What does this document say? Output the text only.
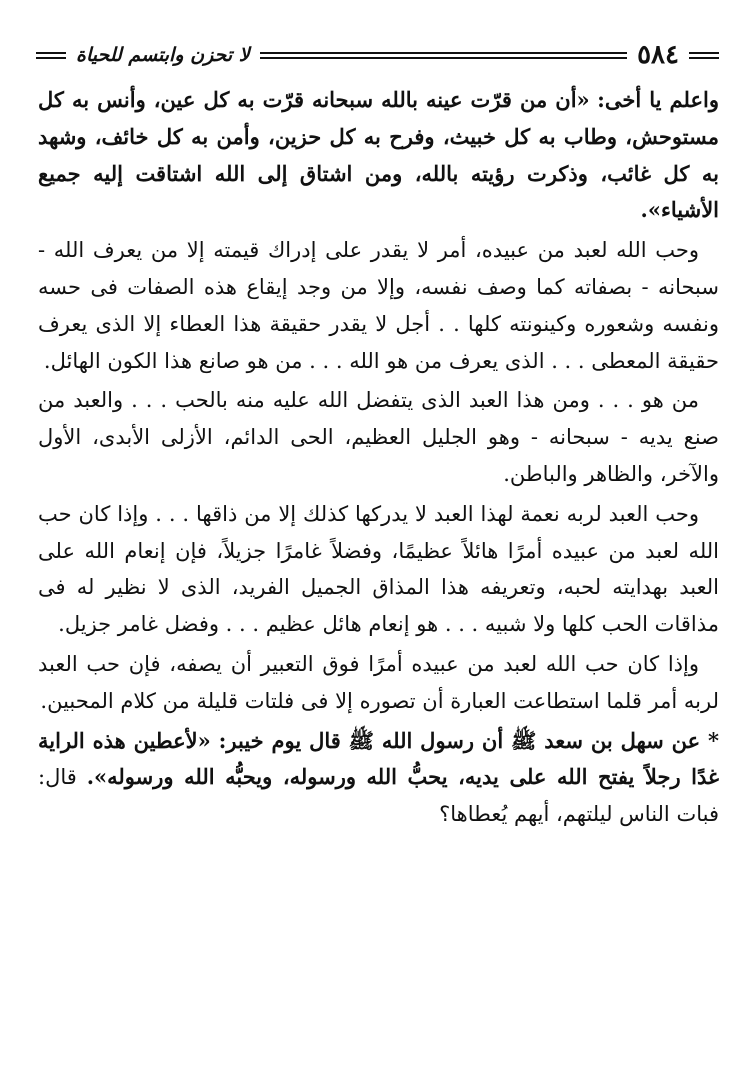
٥٨٤
لا تحزن وابتسم للحياة

واعلم يا أخى: «أن من قرّت عينه بالله سبحانه قرّت به كل عين، وأنس به كل مستوحش، وطاب به كل خبيث، وفرح به كل حزين، وأمن به كل خائف، وشهد به كل غائب، وذكرت رؤيته بالله، ومن اشتاق إلى الله اشتاقت إليه جميع الأشياء».

وحب الله لعبد من عبيده، أمر لا يقدر على إدراك قيمته إلا من يعرف الله - سبحانه - بصفاته كما وصف نفسه، وإلا من وجد إيقاع هذه الصفات فى حسه ونفسه وشعوره وكينونته كلها . . أجل لا يقدر حقيقة هذا العطاء إلا الذى يعرف حقيقة المعطى . . . الذى يعرف من هو الله . . . من هو صانع هذا الكون الهائل.

من هو . . . ومن هذا العبد الذى يتفضل الله عليه منه بالحب . . . والعبد من صنع يديه - سبحانه - وهو الجليل العظيم، الحى الدائم، الأزلى الأبدى، الأول والآخر، والظاهر والباطن.

وحب العبد لربه نعمة لهذا العبد لا يدركها كذلك إلا من ذاقها . . . وإذا كان حب الله لعبد من عبيده أمرًا هائلاً عظيمًا، وفضلاً غامرًا جزيلاً، فإن إنعام الله على العبد بهدايته لحبه، وتعريفه هذا المذاق الجميل الفريد، الذى لا نظير له فى مذاقات الحب كلها ولا شبيه . . . هو إنعام هائل عظيم . . . وفضل غامر جزيل.

وإذا كان حب الله لعبد من عبيده أمرًا فوق التعبير أن يصفه، فإن حب العبد لربه أمر قلما استطاعت العبارة أن تصوره إلا فى فلتات قليلة من كلام المحبين.

* عن سهل بن سعد ﷺ أن رسول الله ﷺ قال يوم خيبر: «لأعطين هذه الراية غدًا رجلاً يفتح الله على يديه، يحبُّ الله ورسوله، ويحبُّه الله ورسوله». قال: فبات الناس ليلتهم، أيهم يُعطاها؟
